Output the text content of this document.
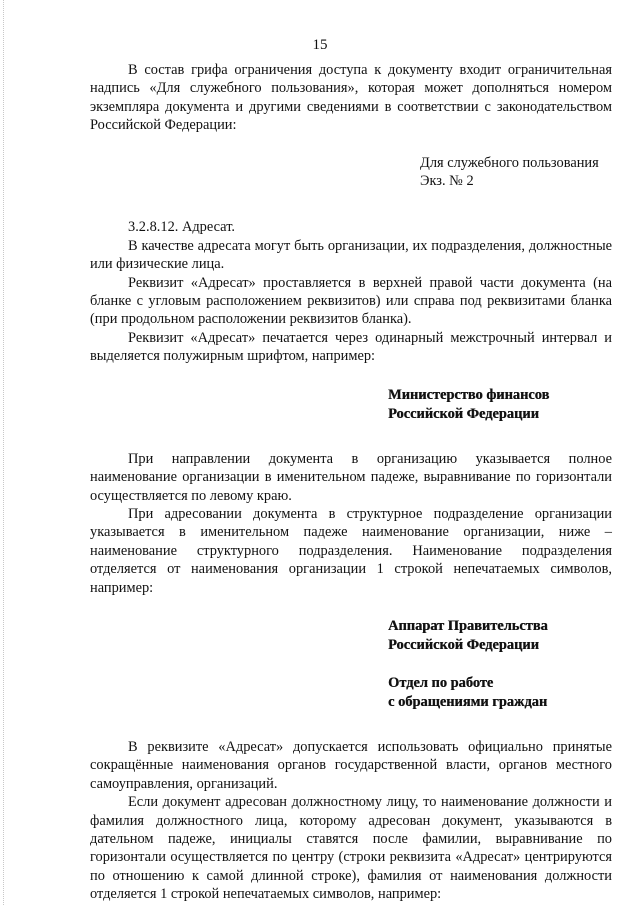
15

В состав грифа ограничения доступа к документу входит ограничительная надпись «Для служебного пользования», которая может дополняться номером экземпляра документа и другими сведениями в соответствии с законодательством Российской Федерации:

Для служебного пользования
Экз. № 2

3.2.8.12. Адресат.

В качестве адресата могут быть организации, их подразделения, должностные или физические лица.

Реквизит «Адресат» проставляется в верхней правой части документа (на бланке с угловым расположением реквизитов) или справа под реквизитами бланка (при продольном расположении реквизитов бланка).

Реквизит «Адресат» печатается через одинарный межстрочный интервал и выделяется полужирным шрифтом, например:

Министерство финансов
Российской Федерации

При направлении документа в организацию указывается полное наименование организации в именительном падеже, выравнивание по горизонтали осуществляется по левому краю.

При адресовании документа в структурное подразделение организации указывается в именительном падеже наименование организации, ниже – наименование структурного подразделения. Наименование подразделения отделяется от наименования организации 1 строкой непечатаемых символов, например:

Аппарат Правительства
Российской Федерации
Отдел по работе
с обращениями граждан

В реквизите «Адресат» допускается использовать официально принятые сокращённые наименования органов государственной власти, органов местного самоуправления, организаций.

Если документ адресован должностному лицу, то наименование должности и фамилия должностного лица, которому адресован документ, указываются в дательном падеже, инициалы ставятся после фамилии, выравнивание по горизонтали осуществляется по центру (строки реквизита «Адресат» центрируются по отношению к самой длинной строке), фамилия от наименования должности отделяется 1 строкой непечатаемых символов, например:
